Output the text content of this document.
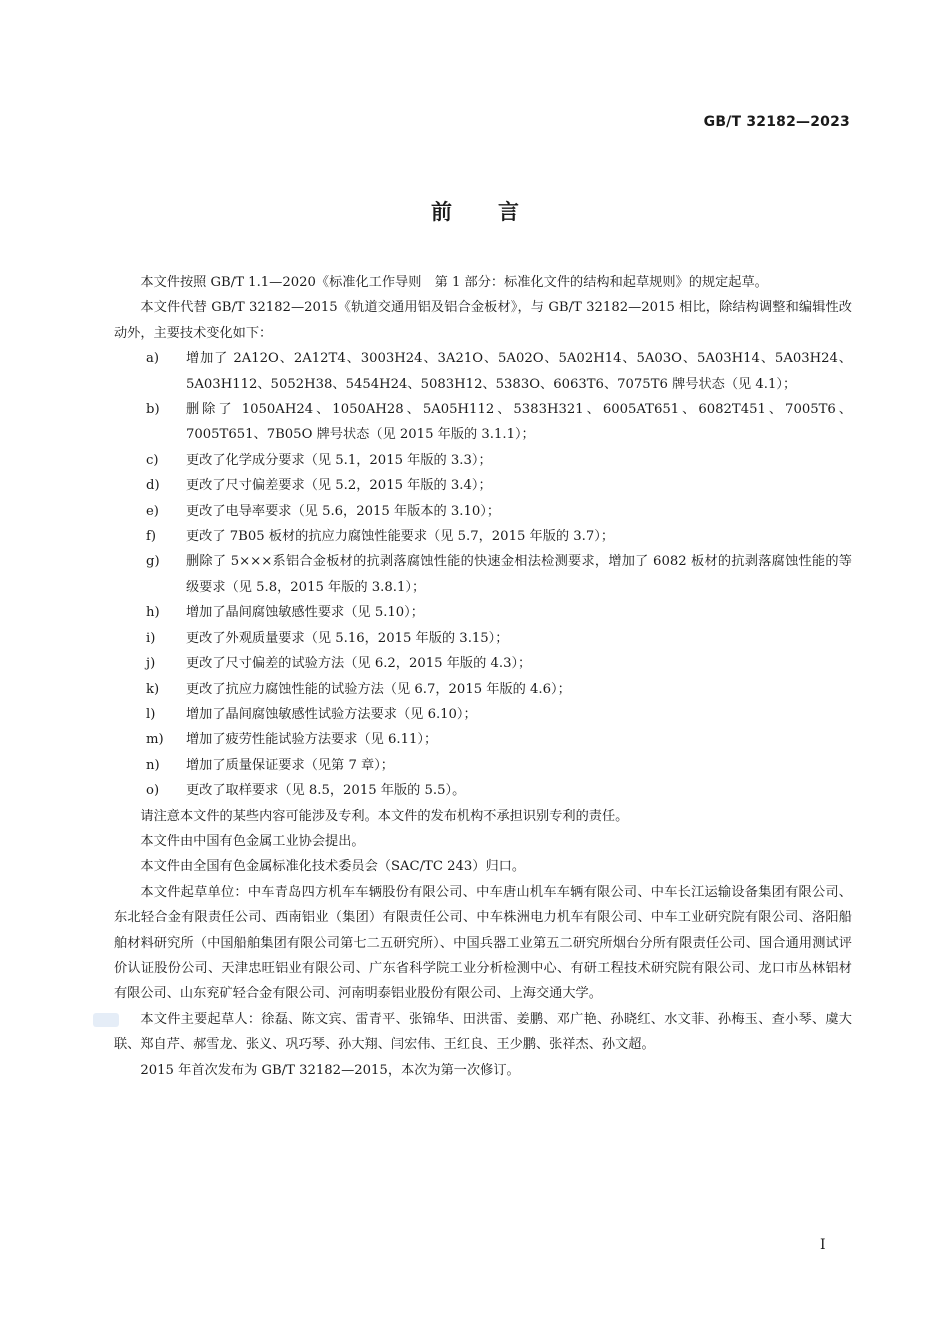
GB/T 32182—2023
前言

本文件按照 GB/T 1.1—2020《标准化工作导则　第 1 部分：标准化文件的结构和起草规则》的规定起草。

本文件代替 GB/T 32182—2015《轨道交通用铝及铝合金板材》，与 GB/T 32182—2015 相比，除结构调整和编辑性改动外，主要技术变化如下：

a)	增加了 2A12O、2A12T4、3003H24、3A21O、5A02O、5A02H14、5A03O、5A03H14、5A03H24、5A03H112、5052H38、5454H24、5083H12、5383O、6063T6、7075T6 牌号状态（见 4.1）；
b)	删除了 1050AH24、1050AH28、5A05H112、5383H321、6005AT651、6082T451、7005T6、7005T651、7B05O 牌号状态（见 2015 年版的 3.1.1）；
c)	更改了化学成分要求（见 5.1，2015 年版的 3.3）；
d)	更改了尺寸偏差要求（见 5.2，2015 年版的 3.4）；
e)	更改了电导率要求（见 5.6，2015 年版本的 3.10）；
f)	更改了 7B05 板材的抗应力腐蚀性能要求（见 5.7，2015 年版的 3.7）；
g)	删除了 5×××系铝合金板材的抗剥落腐蚀性能的快速金相法检测要求，增加了 6082 板材的抗剥落腐蚀性能的等级要求（见 5.8，2015 年版的 3.8.1）；
h)	增加了晶间腐蚀敏感性要求（见 5.10）；
i)	更改了外观质量要求（见 5.16，2015 年版的 3.15）；
j)	更改了尺寸偏差的试验方法（见 6.2，2015 年版的 4.3）；
k)	更改了抗应力腐蚀性能的试验方法（见 6.7，2015 年版的 4.6）；
l)	增加了晶间腐蚀敏感性试验方法要求（见 6.10）；
m)	增加了疲劳性能试验方法要求（见 6.11）；
n)	增加了质量保证要求（见第 7 章）；
o)	更改了取样要求（见 8.5，2015 年版的 5.5）。

请注意本文件的某些内容可能涉及专利。本文件的发布机构不承担识别专利的责任。

本文件由中国有色金属工业协会提出。

本文件由全国有色金属标准化技术委员会（SAC/TC 243）归口。

本文件起草单位：中车青岛四方机车车辆股份有限公司、中车唐山机车车辆有限公司、中车长江运输设备集团有限公司、东北轻合金有限责任公司、西南铝业（集团）有限责任公司、中车株洲电力机车有限公司、中车工业研究院有限公司、洛阳船舶材料研究所（中国船舶集团有限公司第七二五研究所）、中国兵器工业第五二研究所烟台分所有限责任公司、国合通用测试评价认证股份公司、天津忠旺铝业有限公司、广东省科学院工业分析检测中心、有研工程技术研究院有限公司、龙口市丛林铝材有限公司、山东兖矿轻合金有限公司、河南明泰铝业股份有限公司、上海交通大学。

本文件主要起草人：徐磊、陈文宾、雷青平、张锦华、田洪雷、姜鹏、邓广艳、孙晓红、水文菲、孙梅玉、查小琴、虞大联、郑自芹、郝雪龙、张义、巩巧琴、孙大翔、闫宏伟、王红良、王少鹏、张祥杰、孙文超。

2015 年首次发布为 GB/T 32182—2015，本次为第一次修订。

I
